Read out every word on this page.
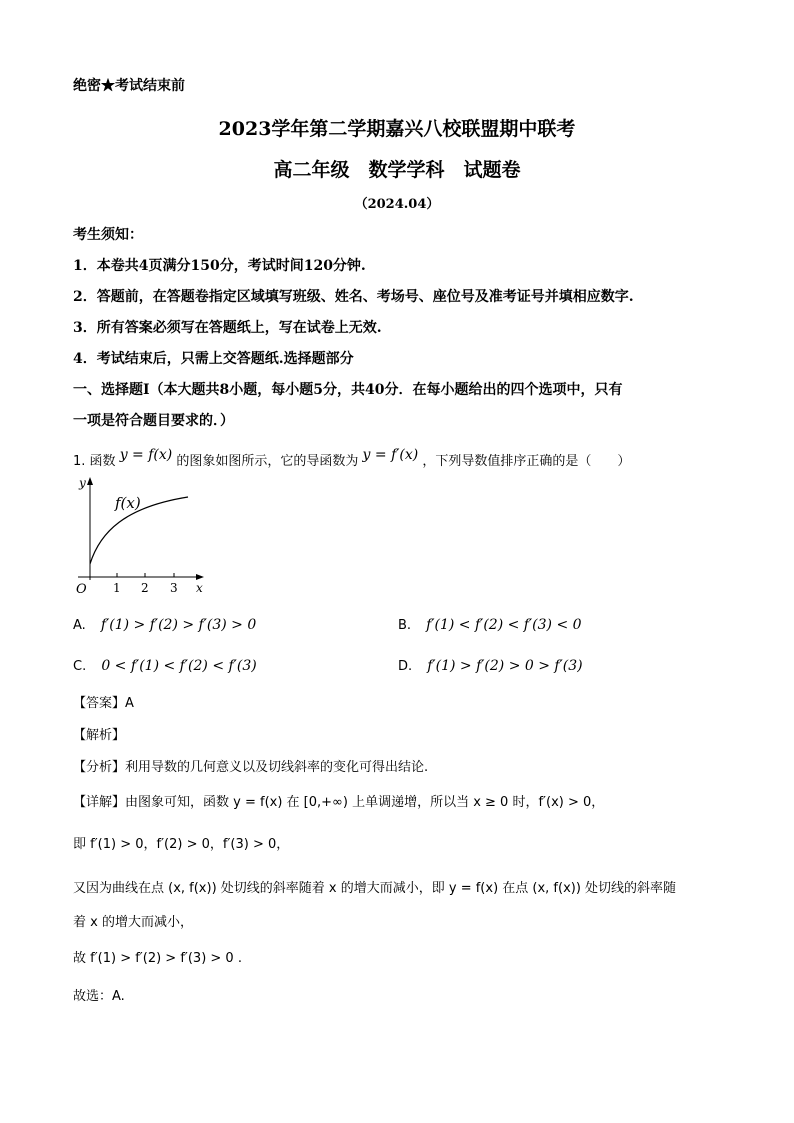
绝密★考试结束前
2023学年第二学期嘉兴八校联盟期中联考
高二年级　数学学科　试题卷
（2024.04）
考生须知：
1．本卷共4页满分150分，考试时间120分钟.
2．答题前，在答题卷指定区域填写班级、姓名、考场号、座位号及准考证号并填相应数字.
3．所有答案必须写在答题纸上，写在试卷上无效.
4．考试结束后，只需上交答题纸.选择题部分
一、选择题Ⅰ（本大题共8小题，每小题5分，共40分．在每小题给出的四个选项中，只有
一项是符合题目要求的．）
1. 函数 y = f(x) 的图象如图所示，它的导函数为 y = f′(x) ，下列导数值排序正确的是（　　）
y
x
O 1 2 3
f(x)
A. f′(1) > f′(2) > f′(3) > 0	B. f′(1) < f′(2) < f′(3) < 0
C. 0 < f′(1) < f′(2) < f′(3)	D. f′(1) > f′(2) > 0 > f′(3)
【答案】A
【解析】
【分析】利用导数的几何意义以及切线斜率的变化可得出结论.
【详解】由图象可知，函数 y = f(x) 在 [0,+∞) 上单调递增，所以当 x ≥ 0 时，f′(x) > 0，
即 f′(1) > 0，f′(2) > 0，f′(3) > 0，
又因为曲线在点 (x, f(x)) 处切线的斜率随着 x 的增大而减小，即 y = f(x) 在点 (x, f(x)) 处切线的斜率随
着 x 的增大而减小，
故 f′(1) > f′(2) > f′(3) > 0 .
故选：A.
